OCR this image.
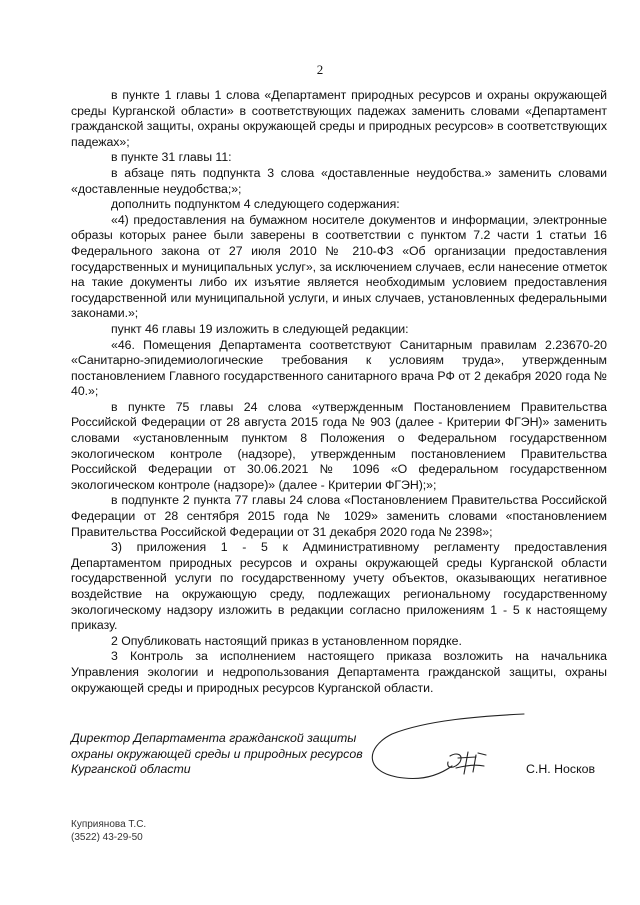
2

в пункте 1 главы 1 слова «Департамент природных ресурсов и охраны окружающей среды Курганской области» в соответствующих падежах заменить словами «Департамент гражданской защиты, охраны окружающей среды и природных ресурсов» в соответствующих падежах»;

в пункте 31 главы 11:

в абзаце пять подпункта 3 слова «доставленные неудобства.» заменить словами «доставленные неудобства;»;

дополнить подпунктом 4 следующего содержания:

«4) предоставления на бумажном носителе документов и информации, электронные образы которых ранее были заверены в соответствии с пунктом 7.2 части 1 статьи 16 Федерального закона от 27 июля 2010 № 210-ФЗ «Об организации предоставления государственных и муниципальных услуг», за исключением случаев, если нанесение отметок на такие документы либо их изъятие является необходимым условием предоставления государственной или муниципальной услуги, и иных случаев, установленных федеральными законами.»;

пункт 46 главы 19 изложить в следующей редакции:

«46. Помещения Департамента соответствуют Санитарным правилам 2.23670-20 «Санитарно-эпидемиологические требования к условиям труда», утвержденным постановлением Главного государственного санитарного врача РФ от 2 декабря 2020 года № 40.»;

в пункте 75 главы 24 слова «утвержденным Постановлением Правительства Российской Федерации от 28 августа 2015 года № 903 (далее - Критерии ФГЭН)» заменить словами «установленным пунктом 8 Положения о Федеральном государственном экологическом контроле (надзоре), утвержденным постановлением Правительства Российской Федерации от 30.06.2021 № 1096 «О федеральном государственном экологическом контроле (надзоре)» (далее - Критерии ФГЭН);»;

в подпункте 2 пункта 77 главы 24 слова «Постановлением Правительства Российской Федерации от 28 сентября 2015 года № 1029» заменить словами «постановлением Правительства Российской Федерации от 31 декабря 2020 года № 2398»;

3) приложения 1 - 5 к Административному регламенту предоставления Департаментом природных ресурсов и охраны окружающей среды Курганской области государственной услуги по государственному учету объектов, оказывающих негативное воздействие на окружающую среду, подлежащих региональному государственному экологическому надзору изложить в редакции согласно приложениям 1 - 5 к настоящему приказу.

2 Опубликовать настоящий приказ в установленном порядке.

3 Контроль за исполнением настоящего приказа возложить на начальника Управления экологии и недропользования Департамента гражданской защиты, охраны окружающей среды и природных ресурсов Курганской области.

Директор Департамента гражданской защиты
охраны окружающей среды и природных ресурсов
Курганской области	С.Н. Носков
Куприянова Т.С.
(3522) 43-29-50
